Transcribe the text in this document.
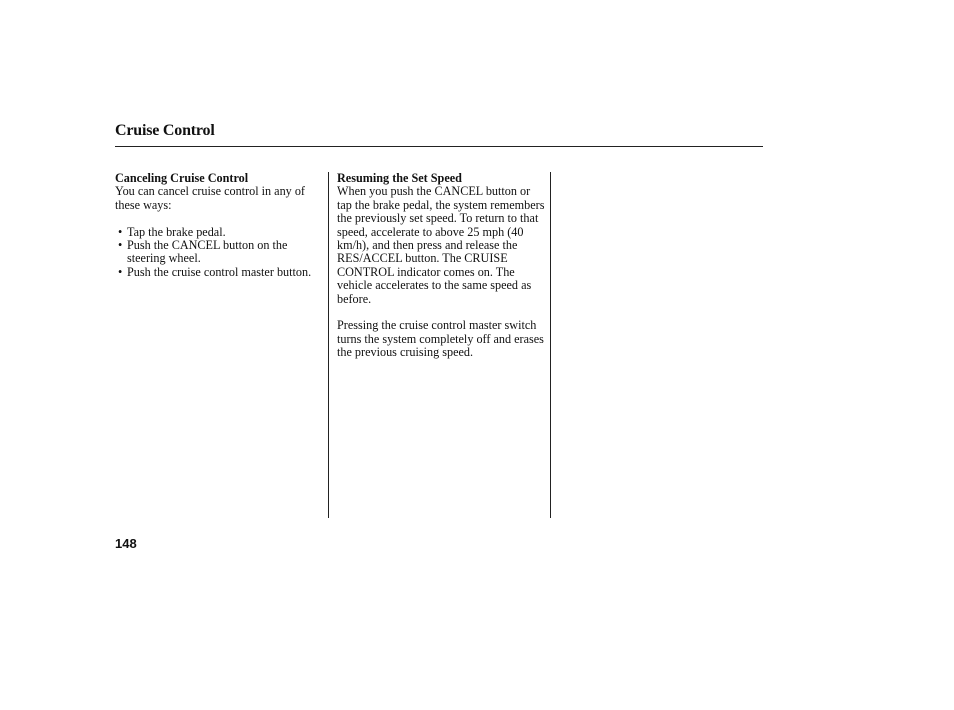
Cruise Control

Canceling Cruise Control

You can cancel cruise control in any of these ways:

• Tap the brake pedal.
• Push the CANCEL button on the steering wheel.
• Push the cruise control master button.

Resuming the Set Speed

When you push the CANCEL button or tap the brake pedal, the system remembers the previously set speed. To return to that speed, accelerate to above 25 mph (40 km/h), and then press and release the RES/ACCEL button. The CRUISE CONTROL indicator comes on. The vehicle accelerates to the same speed as before.

Pressing the cruise control master switch turns the system completely off and erases the previous cruising speed.

148
